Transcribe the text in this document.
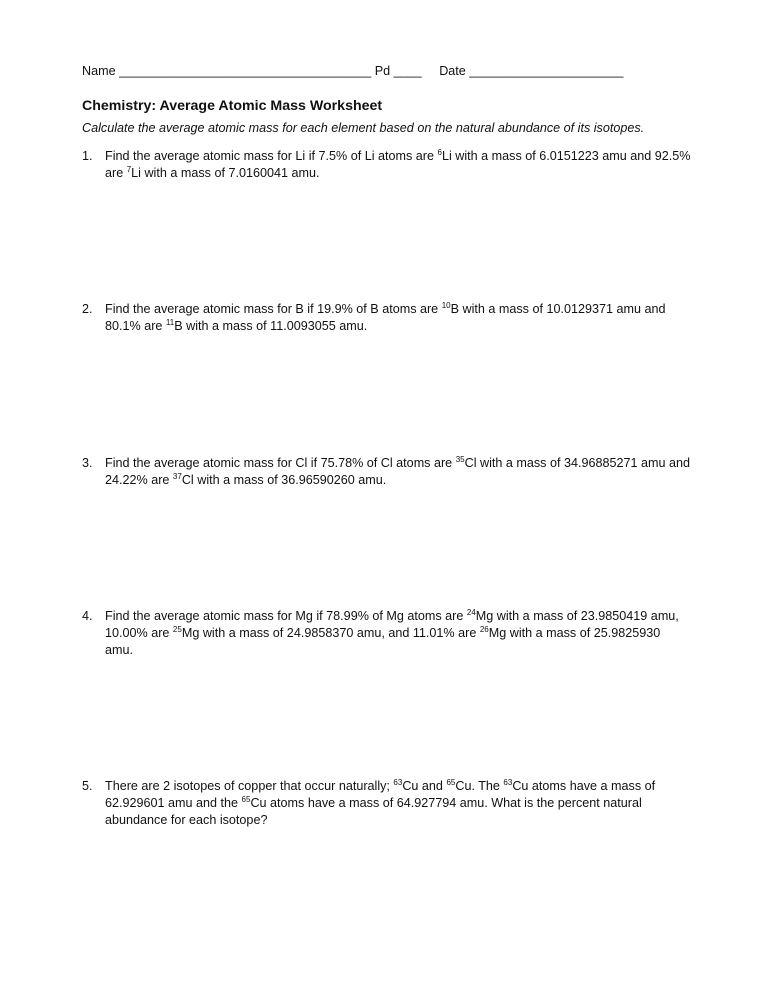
Name ____________________________________ Pd ____ Date ______________________
Chemistry: Average Atomic Mass Worksheet
Calculate the average atomic mass for each element based on the natural abundance of its isotopes.
1. Find the average atomic mass for Li if 7.5% of Li atoms are $^6$Li with a mass of 6.0151223 amu and 92.5%
are $^7$Li with a mass of 7.0160041 amu.
2. Find the average atomic mass for B if 19.9% of B atoms are $^{10}$B with a mass of 10.0129371 amu and
80.1% are $^{11}$B with a mass of 11.0093055 amu.
3. Find the average atomic mass for Cl if 75.78% of Cl atoms are $^{35}$Cl with a mass of 34.96885271 amu and
24.22% are $^{37}$Cl with a mass of 36.96590260 amu.
4. Find the average atomic mass for Mg if 78.99% of Mg atoms are $^{24}$Mg with a mass of 23.9850419 amu,
10.00% are $^{25}$Mg with a mass of 24.9858370 amu, and 11.01% are $^{26}$Mg with a mass of 25.9825930
amu.
5. There are 2 isotopes of copper that occur naturally; $^{63}$Cu and $^{65}$Cu. The $^{63}$Cu atoms have a mass of
62.929601 amu and the $^{65}$Cu atoms have a mass of 64.927794 amu. What is the percent natural
abundance for each isotope?
